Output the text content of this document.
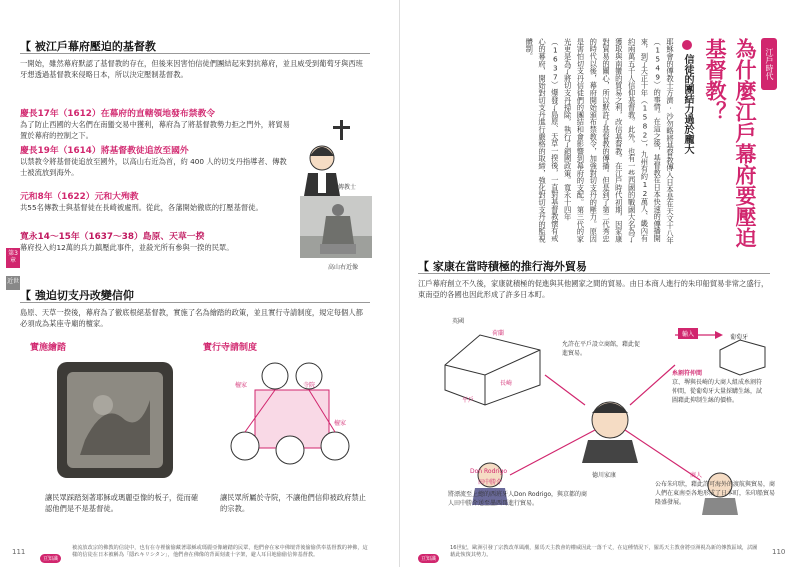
【 被江戶幕府壓迫的基督教
一開始，雖然幕府默認了基督教的存在，但後來因害怕信徒們團結起來對抗幕府，並且威受到葡萄牙與西班牙想透過基督教來侵略日本，所以決定壓制基督教。
慶長17年（1612）在幕府的直轄領地發布禁教令
為了防止西國的大名們在南蠻交易中獲利，幕府為了將基督教勢力拒之門外，將貿易置於幕府的控制之下。
慶長19年（1614）將基督教徒追放至國外
以禁教令將基督徒追放至國外，以高山右近為首，約 400 人的切支丹指導者、傳教士被流放到海外。
元和8年（1622）元和大殉教
共55名傳教士與基督徒在長崎被處刑。從此，各藩開始徹底的打壓基督徒。
寬永14～15年（1637～38）島原、天草一揆
幕府投入約12萬的兵力鎮壓此事件，並殺光所有參與一揆的民眾。
傳教士
高山右近像
【 強迫切支丹改變信仰
島原、天草一揆後，幕府為了徹底根絕基督教，實施了名為繪踏的政策，並且實行寺請制度，規定每個人都必須成為某座寺廟的檀家。
實施繪踏	實行寺請制度
讓民眾踩踏刻著耶穌或瑪麗亞像的板子，從而確認他們是不是基督徒。
檀家	寺院
檀家
讓民眾所屬於寺院，不讓他們信仰被政府禁止的宗教。
第3章
近世
111
豆知識
被流放改宗的佛教的信徒中，也有在寺裡偷偷藏著耶穌或瑪麗亞像繪踏的民眾，他們會在家中佛壇背後偷偷供奉基督教的神佛，這樣的信徒在日本被稱為「隱れキリシタン」，他們會在佛像的背面刻畫十字架，避人耳目地偷偷信仰基督教。
江戶時代
為什麼江戶幕府要壓迫基督教？
信徒的團結力過於龐大
耶穌會的傳教士方濟·沙勿略將基督教傳入日本是在天文十八年（1549）的事情。在這之後，基督教在日本快速的傳播開來，到了天正十年（1582），九州有約12萬人、畿內有約兩萬五千人信仰基督教。此外，也有一些西國的戰國大名為了獲取與南蠻的貿易之利，改信基督教。在江戶時代初期，因家康對貿易的關心，所以默許了基督教的傳播。但是到了第二代秀忠的時代以後，幕府開始頒布禁教令，加強對切支丹的壓力。原因是害怕切支丹信徒們的團結和會影響到幕府的支配。第三代的家光更是為了將切支丹掃除，執行了鎖國政策。寬永十四年（1637）爆發了島原、天草一揆後，一直對基督教懷有戒心的幕府，開始對切支丹進行嚴格的取締，強化對切支丹的監視體制。
【 家康在當時積極的推行海外貿易
江戶幕府創立不久後，家康就積極的促進與其他國家之間的貿易。由日本商人進行的朱印船貿易非常之盛行，東南亞的各國也因此形成了許多日本町。
英國
荷蘭
長崎
平戶
允許在平戶設立商館，藉此促進貿易。
輸入	葡萄牙
糸割符仲間
京、堺與長崎的大商人組成糸割符仲間，從葡萄牙大量採購生絲，試圖藉此抑制生絲的價格。
德川家康
Don Rodrigo
田中勝介
將漂流至上總的西班牙人Don Rodrigo，與京都的商人田中勝介送至墨西哥進行貿易。
商人
公布朱印狀，藉此許可海外的渡航與貿易，商人們在東南亞各地形成了日本町，朱印船貿易隆盛發展。
豆知識
16世紀，歐洲引發了宗教改革風潮，羅馬天主教會的權威因此一落千丈，在這種情況下，羅馬天主教會將亞洲視為新的傳教區域，試圖藉此恢復其勢力。	110
